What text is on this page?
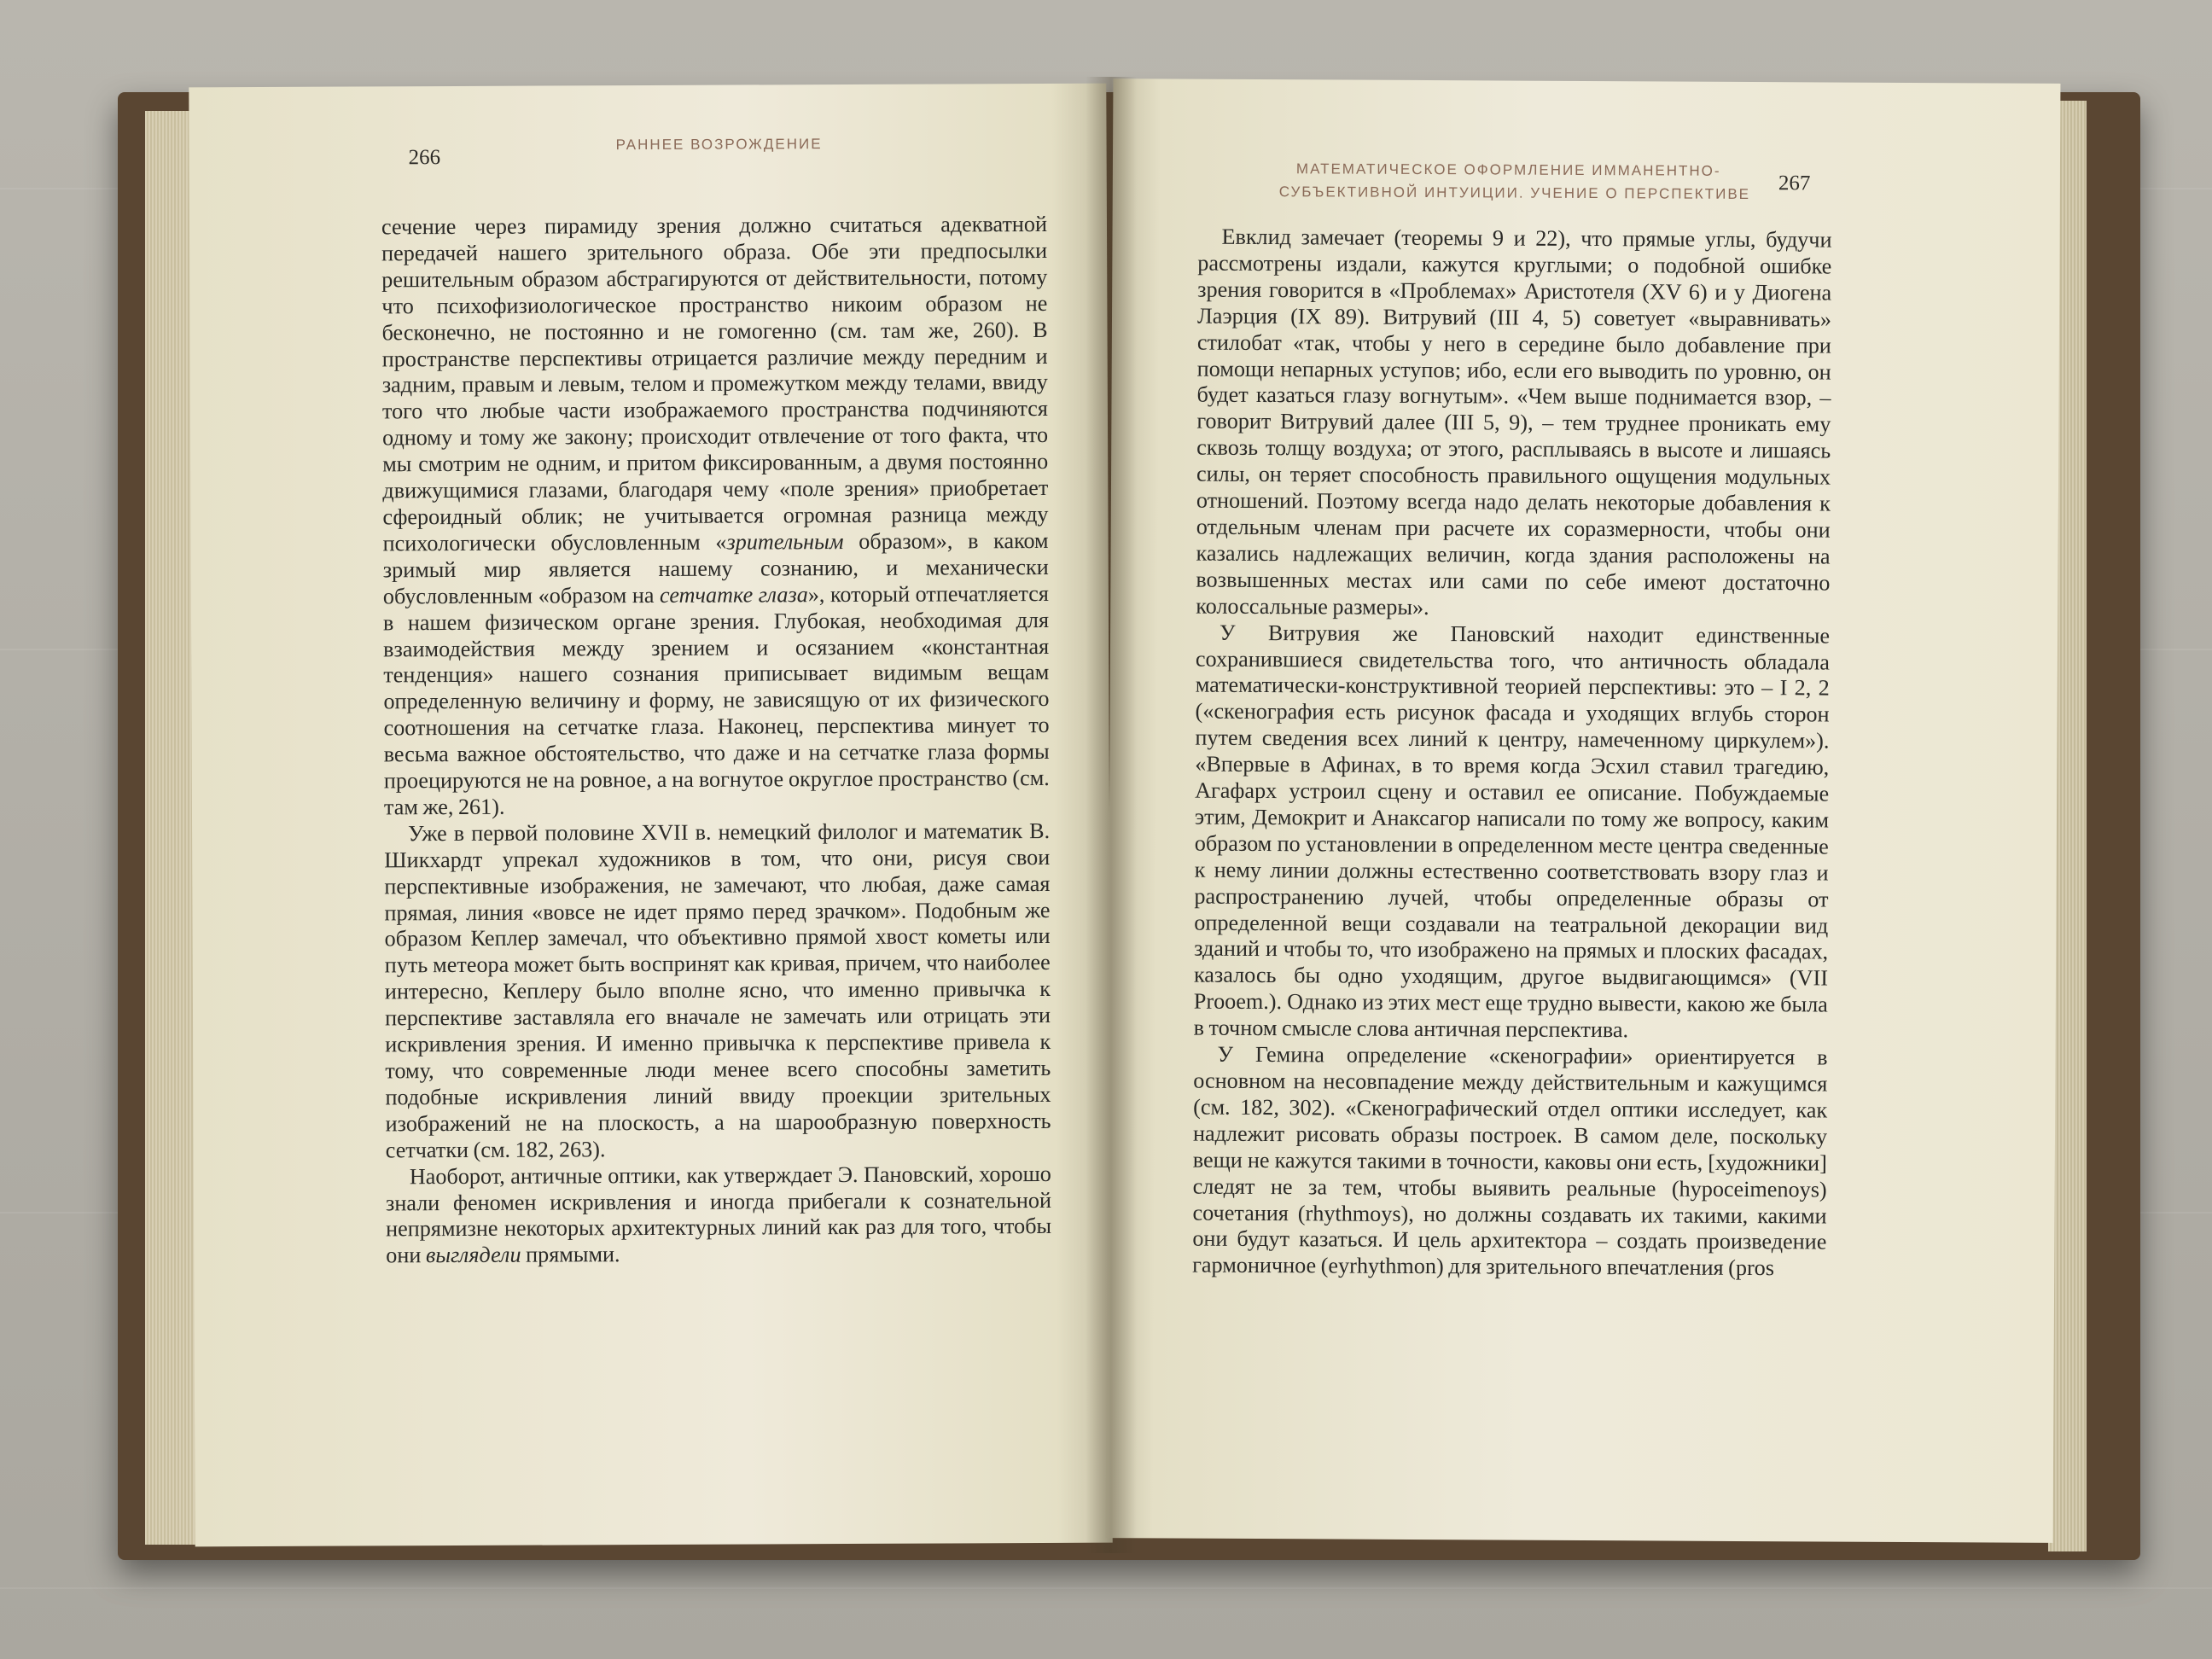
266
РАННЕЕ ВОЗРОЖДЕНИЕ

сечение через пирамиду зрения должно считаться адекватной передачей нашего зрительного образа. Обе эти предпосылки решительным образом абстрагируются от действительности, потому что психофизиологическое пространство никоим образом не бесконечно, не постоянно и не гомогенно (см. там же, 260). В пространстве перспективы отрицается различие между передним и задним, правым и левым, телом и промежутком между телами, ввиду того что любые части изображаемого пространства подчиняются одному и тому же закону; происходит отвлечение от того факта, что мы смотрим не одним, и притом фиксированным, а двумя постоянно движущимися глазами, благодаря чему «поле зрения» приобретает сфероидный облик; не учитывается огромная разница между психологически обусловленным «зрительным образом», в каком зримый мир является нашему сознанию, и механически обусловленным «образом на сетчатке глаза», который отпечатляется в нашем физическом органе зрения. Глубокая, необходимая для взаимодействия между зрением и осязанием «константная тенденция» нашего сознания приписывает видимым вещам определенную величину и форму, не зависящую от их физического соотношения на сетчатке глаза. Наконец, перспектива минует то весьма важное обстоятельство, что даже и на сетчатке глаза формы проецируются не на ровное, а на вогнутое округлое пространство (см. там же, 261).

Уже в первой половине XVII в. немецкий филолог и математик В. Шикхардт упрекал художников в том, что они, рисуя свои перспективные изображения, не замечают, что любая, даже самая прямая, линия «вовсе не идет прямо перед зрачком». Подобным же образом Кеплер замечал, что объективно прямой хвост кометы или путь метеора может быть воспринят как кривая, причем, что наиболее интересно, Кеплеру было вполне ясно, что именно привычка к перспективе заставляла его вначале не замечать или отрицать эти искривления зрения. И именно привычка к перспективе привела к тому, что современные люди менее всего способны заметить подобные искривления линий ввиду проекции зрительных изображений не на плоскость, а на шарообразную поверхность сетчатки (см. 182, 263).

Наоборот, античные оптики, как утверждает Э. Пановский, хорошо знали феномен искривления и иногда прибегали к сознательной непрямизне некоторых архитектурных линий как раз для того, чтобы они выглядели прямыми.

МАТЕМАТИЧЕСКОЕ ОФОРМЛЕНИЕ ИММАНЕНТНО-
СУБЪЕКТИВНОЙ ИНТУИЦИИ. УЧЕНИЕ О ПЕРСПЕКТИВЕ 267

Евклид замечает (теоремы 9 и 22), что прямые углы, будучи рассмотрены издали, кажутся круглыми; о подобной ошибке зрения говорится в «Проблемах» Аристотеля (XV 6) и у Диогена Лаэрция (IX 89). Витрувий (III 4, 5) советует «выравнивать» стилобат «так, чтобы у него в середине было добавление при помощи непарных уступов; ибо, если его выводить по уровню, он будет казаться глазу вогнутым». «Чем выше поднимается взор, – говорит Витрувий далее (III 5, 9), – тем труднее проникать ему сквозь толщу воздуха; от этого, расплываясь в высоте и лишаясь силы, он теряет способность правильного ощущения модульных отношений. Поэтому всегда надо делать некоторые добавления к отдельным членам при расчете их соразмерности, чтобы они казались надлежащих величин, когда здания расположены на возвышенных местах или сами по себе имеют достаточно колоссальные размеры».

У Витрувия же Пановский находит единственные сохранившиеся свидетельства того, что античность обладала математически-конструктивной теорией перспективы: это – I 2, 2 («скенография есть рисунок фасада и уходящих вглубь сторон путем сведения всех линий к центру, намеченному циркулем»). «Впервые в Афинах, в то время когда Эсхил ставил трагедию, Агафарх устроил сцену и оставил ее описание. Побуждаемые этим, Демокрит и Анаксагор написали по тому же вопросу, каким образом по установлении в определенном месте центра сведенные к нему линии должны естественно соответствовать взору глаз и распространению лучей, чтобы определенные образы от определенной вещи создавали на театральной декорации вид зданий и чтобы то, что изображено на прямых и плоских фасадах, казалось бы одно уходящим, другое выдвигающимся» (VII Prooem.). Однако из этих мест еще трудно вывести, какою же была в точном смысле слова античная перспектива.

У Гемина определение «скенографии» ориентируется в основном на несовпадение между действительным и кажущимся (см. 182, 302). «Скенографический отдел оптики исследует, как надлежит рисовать образы построек. В самом деле, поскольку вещи не кажутся такими в точности, каковы они есть, [художники] следят не за тем, чтобы выявить реальные (hypoceimenoys) сочетания (rhythmoys), но должны создавать их такими, какими они будут казаться. И цель архитектора – создать произведение гармоничное (eyrhythmon) для зрительного впечатления (pros
